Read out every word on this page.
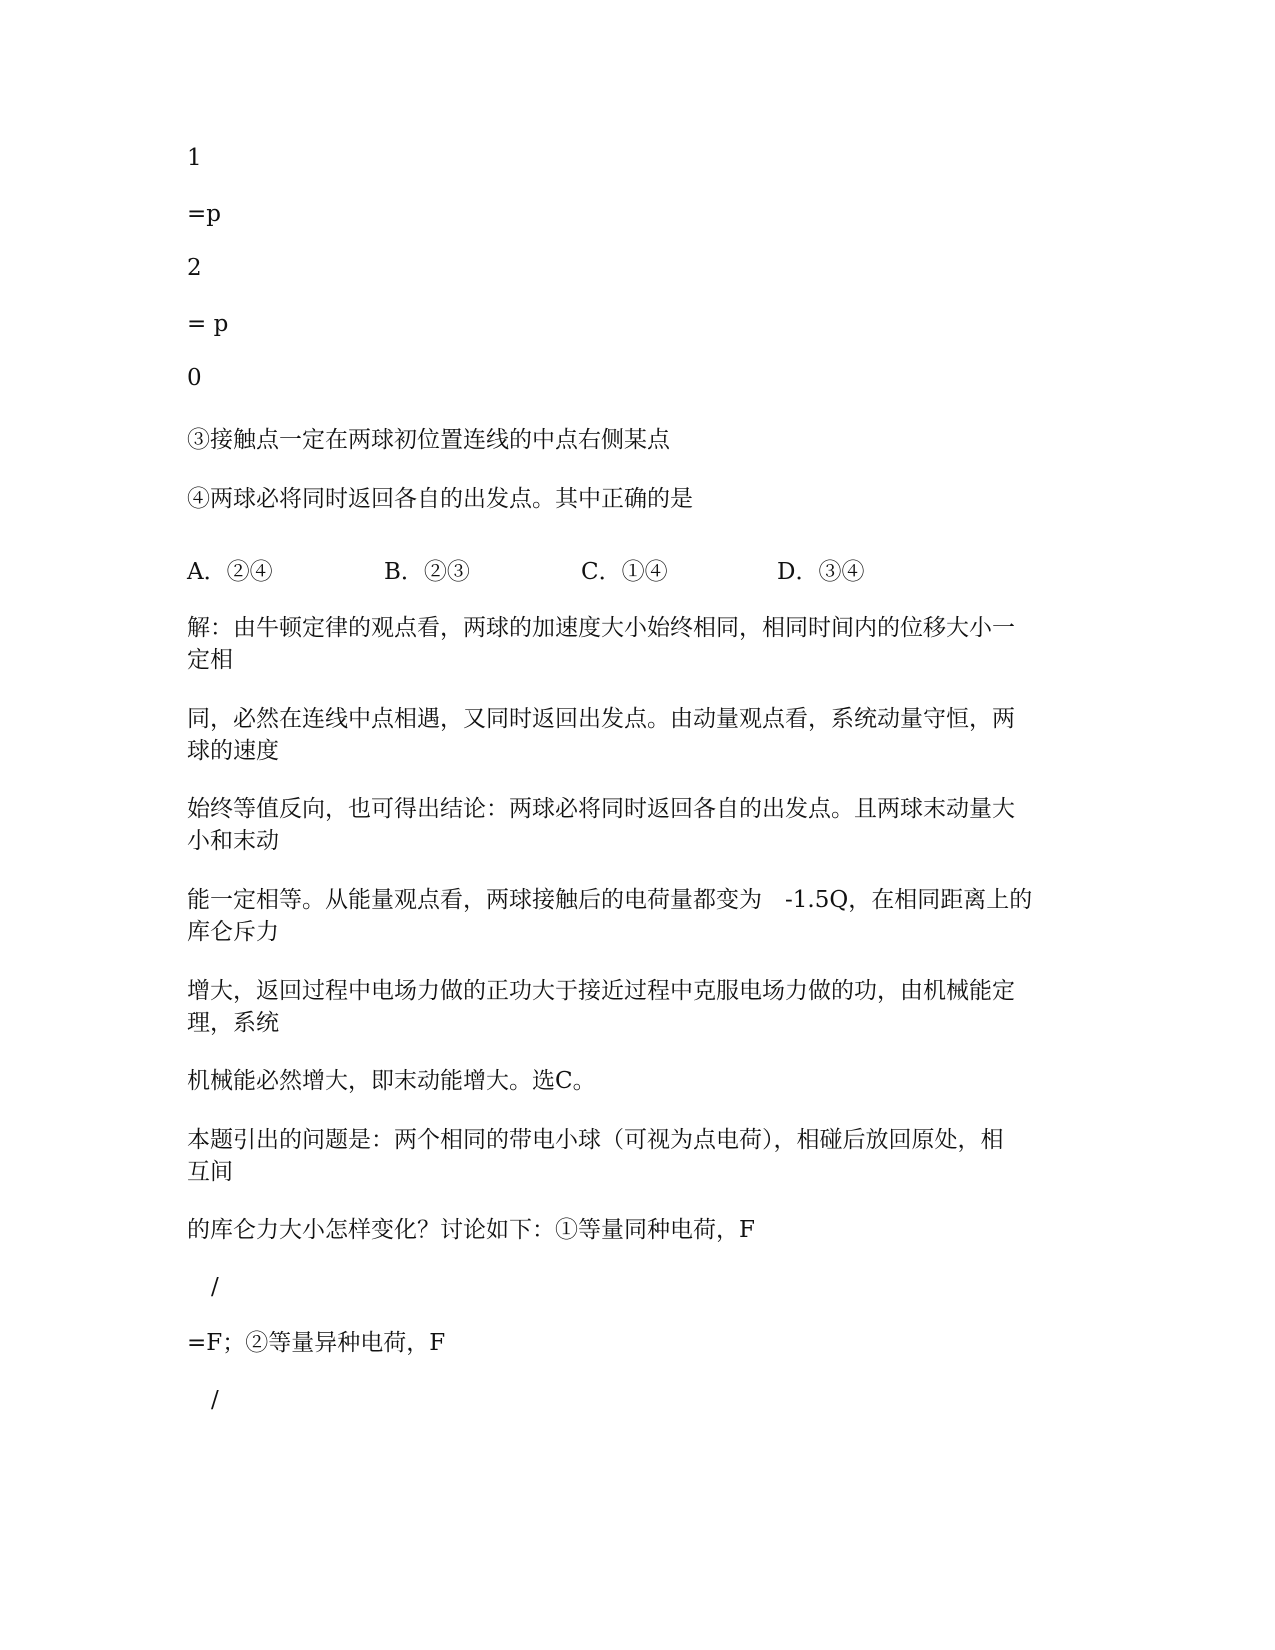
1
=p
2
= p
0
③接触点一定在两球初位置连线的中点右侧某点
④两球必将同时返回各自的出发点。其中正确的是
A．②④	B．②③	C．①④	D．③④
解：由牛顿定律的观点看，两球的加速度大小始终相同，相同时间内的位移大小一
定相
同，必然在连线中点相遇，又同时返回出发点。由动量观点看，系统动量守恒，两
球的速度
始终等值反向，也可得出结论：两球必将同时返回各自的出发点。且两球末动量大
小和末动
能一定相等。从能量观点看，两球接触后的电荷量都变为　-1.5Q，在相同距离上的
库仑斥力
增大，返回过程中电场力做的正功大于接近过程中克服电场力做的功，由机械能定
理，系统
机械能必然增大，即末动能增大。选C。
本题引出的问题是：两个相同的带电小球（可视为点电荷），相碰后放回原处，相
互间
的库仑力大小怎样变化？讨论如下：①等量同种电荷，F
/
=F；②等量异种电荷，F
/
